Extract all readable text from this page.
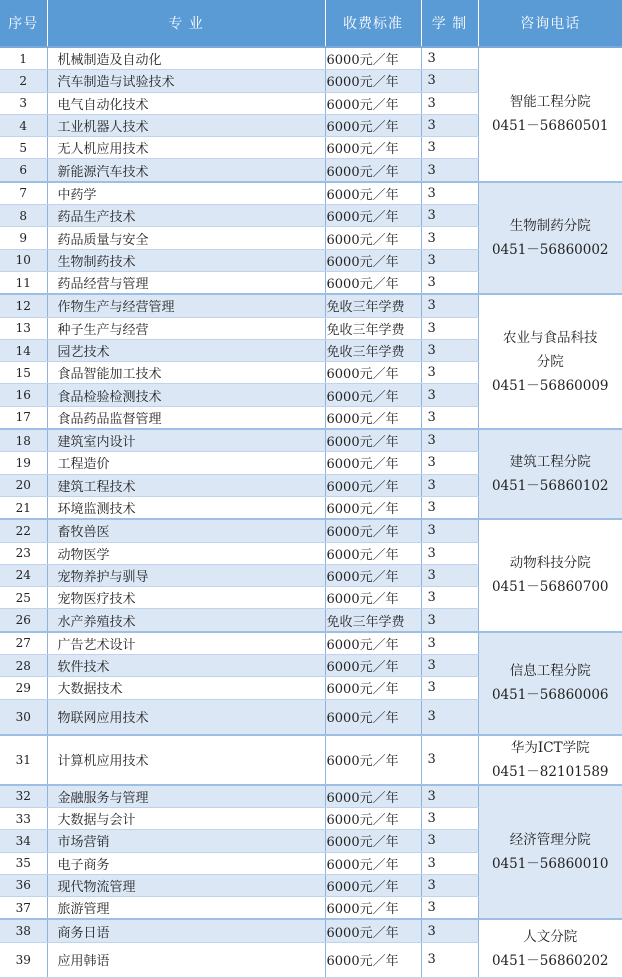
序号	专 业	收费标准	学 制	咨询电话
1	机械制造及自动化	6000元／年	3	智能工程分院
0451－56860501

2	汽车制造与试验技术	6000元／年	3	
3	电气自动化技术	6000元／年	3	
4	工业机器人技术	6000元／年	3	
5	无人机应用技术	6000元／年	3	
6	新能源汽车技术	6000元／年	3	
7	中药学	6000元／年	3	生物制药分院
0451－56860002

8	药品生产技术	6000元／年	3	
9	药品质量与安全	6000元／年	3	
10	生物制药技术	6000元／年	3	
11	药品经营与管理	6000元／年	3	
12	作物生产与经营管理	免收三年学费	3	农业与食品科技
分院
0451－56860009

13	种子生产与经营	免收三年学费	3	
14	园艺技术	免收三年学费	3	
15	食品智能加工技术	6000元／年	3	
16	食品检验检测技术	6000元／年	3	
17	食品药品监督管理	6000元／年	3	
18	建筑室内设计	6000元／年	3	建筑工程分院
0451－56860102

19	工程造价	6000元／年	3	
20	建筑工程技术	6000元／年	3	
21	环境监测技术	6000元／年	3	
22	畜牧兽医	6000元／年	3	动物科技分院
0451－56860700

23	动物医学	6000元／年	3	
24	宠物养护与驯导	6000元／年	3	
25	宠物医疗技术	6000元／年	3	
26	水产养殖技术	免收三年学费	3	
27	广告艺术设计	6000元／年	3	信息工程分院
0451－56860006

28	软件技术	6000元／年	3	
29	大数据技术	6000元／年	3	
30	物联网应用技术	6000元／年	3	
31	计算机应用技术	6000元／年	3	华为ICT学院
0451－82101589

32	金融服务与管理	6000元／年	3	经济管理分院
0451－56860010

33	大数据与会计	6000元／年	3	
34	市场营销	6000元／年	3	
35	电子商务	6000元／年	3	
36	现代物流管理	6000元／年	3	
37	旅游管理	6000元／年	3	
38	商务日语	6000元／年	3	人文分院
0451－56860202

39	应用韩语	6000元／年	3	
